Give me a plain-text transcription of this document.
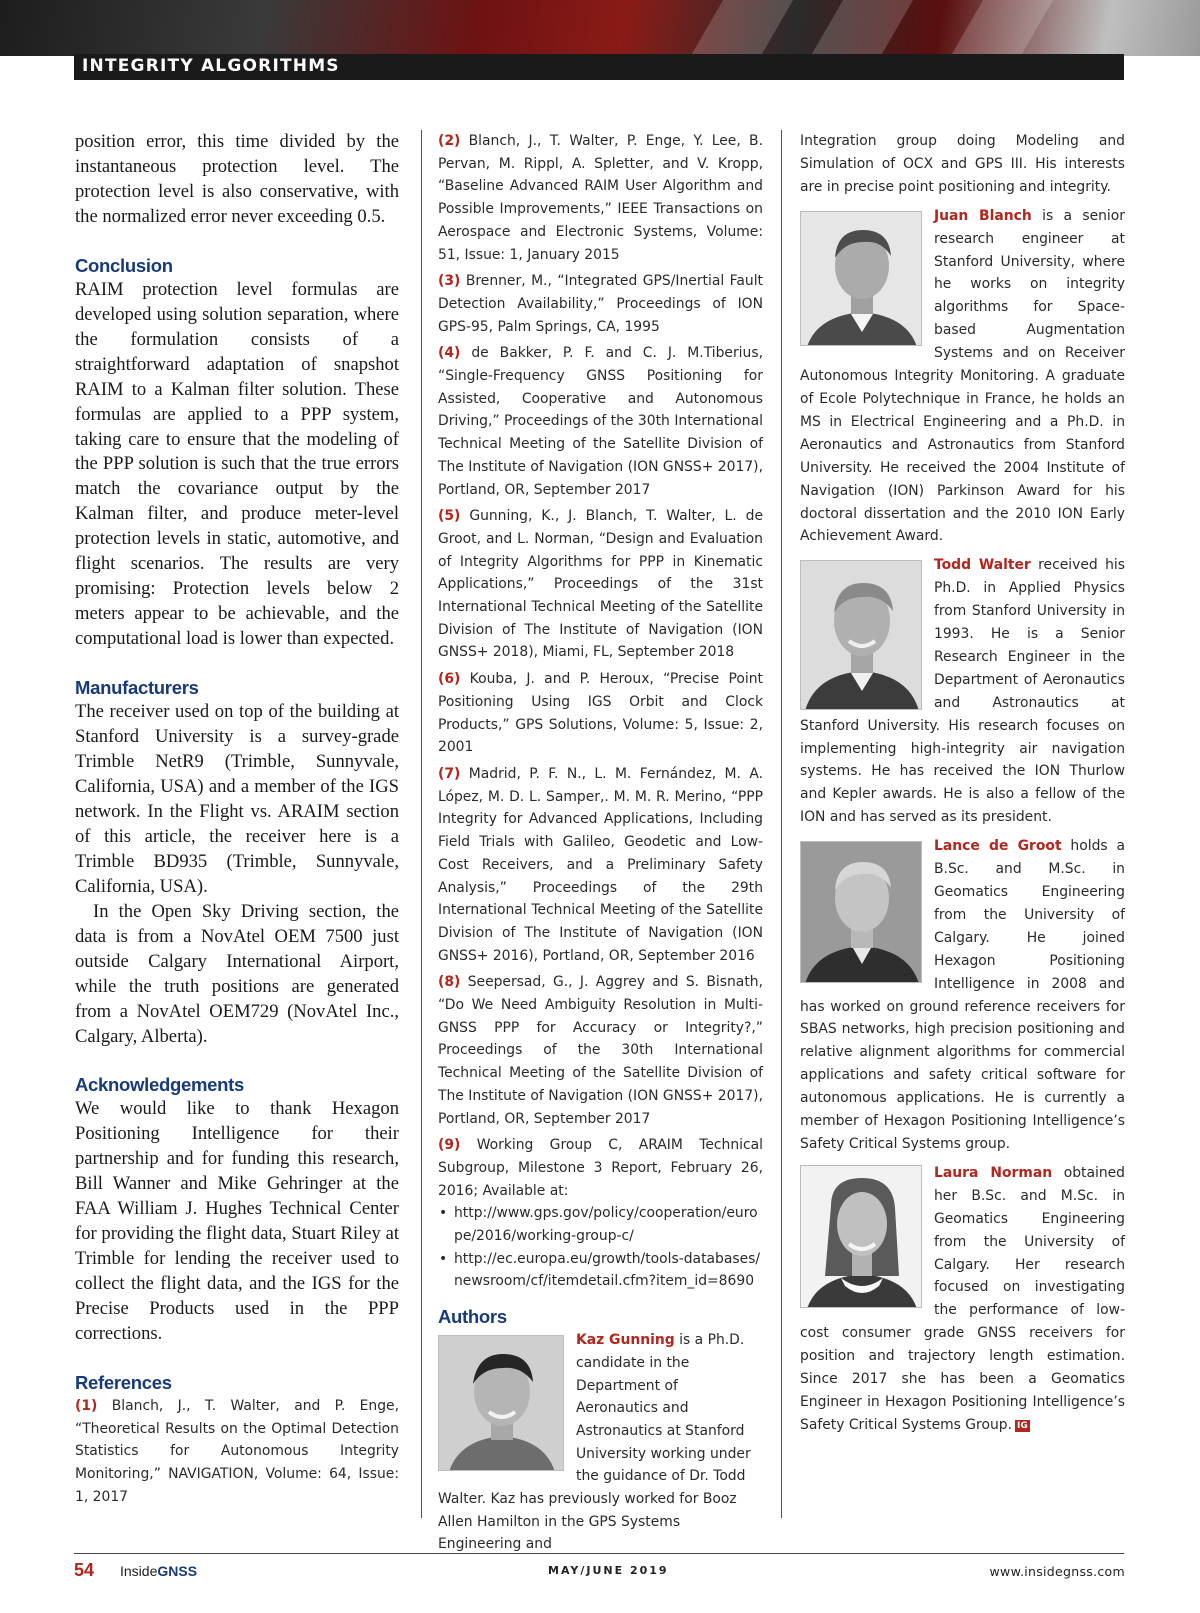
INTEGRITY ALGORITHMS

position error, this time divided by the instantaneous protection level. The protection level is also conservative, with the normalized error never exceeding 0.5.

Conclusion

RAIM protection level formulas are developed using solution separation, where the formulation consists of a straightforward adaptation of snapshot RAIM to a Kalman filter solution. These formulas are applied to a PPP system, taking care to ensure that the modeling of the PPP solution is such that the true errors match the covariance output by the Kalman filter, and produce meter-level protection levels in static, automotive, and flight scenarios. The results are very promising: Protection levels below 2 meters appear to be achievable, and the computational load is lower than expected.

Manufacturers

The receiver used on top of the building at Stanford University is a survey-grade Trimble NetR9 (Trimble, Sunnyvale, California, USA) and a member of the IGS network. In the Flight vs. ARAIM section of this article, the receiver here is a Trimble BD935 (Trimble, Sunnyvale, California, USA).

In the Open Sky Driving section, the data is from a NovAtel OEM 7500 just outside Calgary International Airport, while the truth positions are generated from a NovAtel OEM729 (NovAtel Inc., Calgary, Alberta).

Acknowledgements

We would like to thank Hexagon Positioning Intelligence for their partnership and for funding this research, Bill Wanner and Mike Gehringer at the FAA William J. Hughes Technical Center for providing the flight data, Stuart Riley at Trimble for lending the receiver used to collect the flight data, and the IGS for the Precise Products used in the PPP corrections.

References

(1) Blanch, J., T. Walter, and P. Enge, “Theoretical Results on the Optimal Detection Statistics for Autonomous Integrity Monitoring,” NAVIGATION, Volume: 64, Issue: 1, 2017

(2) Blanch, J., T. Walter, P. Enge, Y. Lee, B. Pervan, M. Rippl, A. Spletter, and V. Kropp, “Baseline Advanced RAIM User Algorithm and Possible Improvements,” IEEE Transactions on Aerospace and Electronic Systems, Volume: 51, Issue: 1, January 2015

(3) Brenner, M., “Integrated GPS/Inertial Fault Detection Availability,” Proceedings of ION GPS-95, Palm Springs, CA, 1995

(4) de Bakker, P. F. and C. J. M.Tiberius, “Single-Frequency GNSS Positioning for Assisted, Cooperative and Autonomous Driving,” Proceedings of the 30th International Technical Meeting of the Satellite Division of The Institute of Navigation (ION GNSS+ 2017), Portland, OR, September 2017

(5) Gunning, K., J. Blanch, T. Walter, L. de Groot, and L. Norman, “Design and Evaluation of Integrity Algorithms for PPP in Kinematic Applications,” Proceedings of the 31st International Technical Meeting of the Satellite Division of The Institute of Navigation (ION GNSS+ 2018), Miami, FL, September 2018

(6) Kouba, J. and P. Heroux, “Precise Point Positioning Using IGS Orbit and Clock Products,” GPS Solutions, Volume: 5, Issue: 2, 2001

(7) Madrid, P. F. N., L. M. Fernández, M. A. López, M. D. L. Samper,. M. M. R. Merino, “PPP Integrity for Advanced Applications, Including Field Trials with Galileo, Geodetic and Low-Cost Receivers, and a Preliminary Safety Analysis,” Proceedings of the 29th International Technical Meeting of the Satellite Division of The Institute of Navigation (ION GNSS+ 2016), Portland, OR, September 2016

(8) Seepersad, G., J. Aggrey and S. Bisnath, “Do We Need Ambiguity Resolution in Multi-GNSS PPP for Accuracy or Integrity?,” Proceedings of the 30th International Technical Meeting of the Satellite Division of The Institute of Navigation (ION GNSS+ 2017), Portland, OR, September 2017

(9) Working Group C, ARAIM Technical Subgroup, Milestone 3 Report, February 26, 2016; Available at:

• http://www.gps.gov/policy/cooperation/europe/2016/working-group-c/
• http://ec.europa.eu/growth/tools-databases/newsroom/cf/itemdetail.cfm?item_id=8690
Authors
Kaz Gunning is a Ph.D. candidate in the Department of Aeronautics and Astronautics at Stanford University working under the guidance of Dr. Todd Walter. Kaz has previously worked for Booz Allen Hamilton in the GPS Systems Engineering and

Integration group doing Modeling and Simulation of OCX and GPS III. His interests are in precise point positioning and integrity.

Juan Blanch is a senior research engineer at Stanford University, where he works on integrity algorithms for Space-based Augmentation Systems and on Receiver Autonomous Integrity Monitoring. A graduate of Ecole Polytechnique in France, he holds an MS in Electrical Engineering and a Ph.D. in Aeronautics and Astronautics from Stanford University. He received the 2004 Institute of Navigation (ION) Parkinson Award for his doctoral dissertation and the 2010 ION Early Achievement Award.
Todd Walter received his Ph.D. in Applied Physics from Stanford University in 1993. He is a Senior Research Engineer in the Department of Aeronautics and Astronautics at Stanford University. His research focuses on implementing high-integrity air navigation systems. He has received the ION Thurlow and Kepler awards. He is also a fellow of the ION and has served as its president.
Lance de Groot holds a B.Sc. and M.Sc. in Geomatics Engineering from the University of Calgary. He joined Hexagon Positioning Intelligence in 2008 and has worked on ground reference receivers for SBAS networks, high precision positioning and relative alignment algorithms for commercial applications and safety critical software for autonomous applications. He is currently a member of Hexagon Positioning Intelligence’s Safety Critical Systems group.
Laura Norman obtained her B.Sc. and M.Sc. in Geomatics Engineering from the University of Calgary. Her research focused on investigating the performance of low-cost consumer grade GNSS receivers for position and trajectory length estimation. Since 2017 she has been a Geomatics Engineer in Hexagon Positioning Intelligence’s Safety Critical Systems Group. IG
54 InsideGNSS	MAY/JUNE 2019	www.insidegnss.com
